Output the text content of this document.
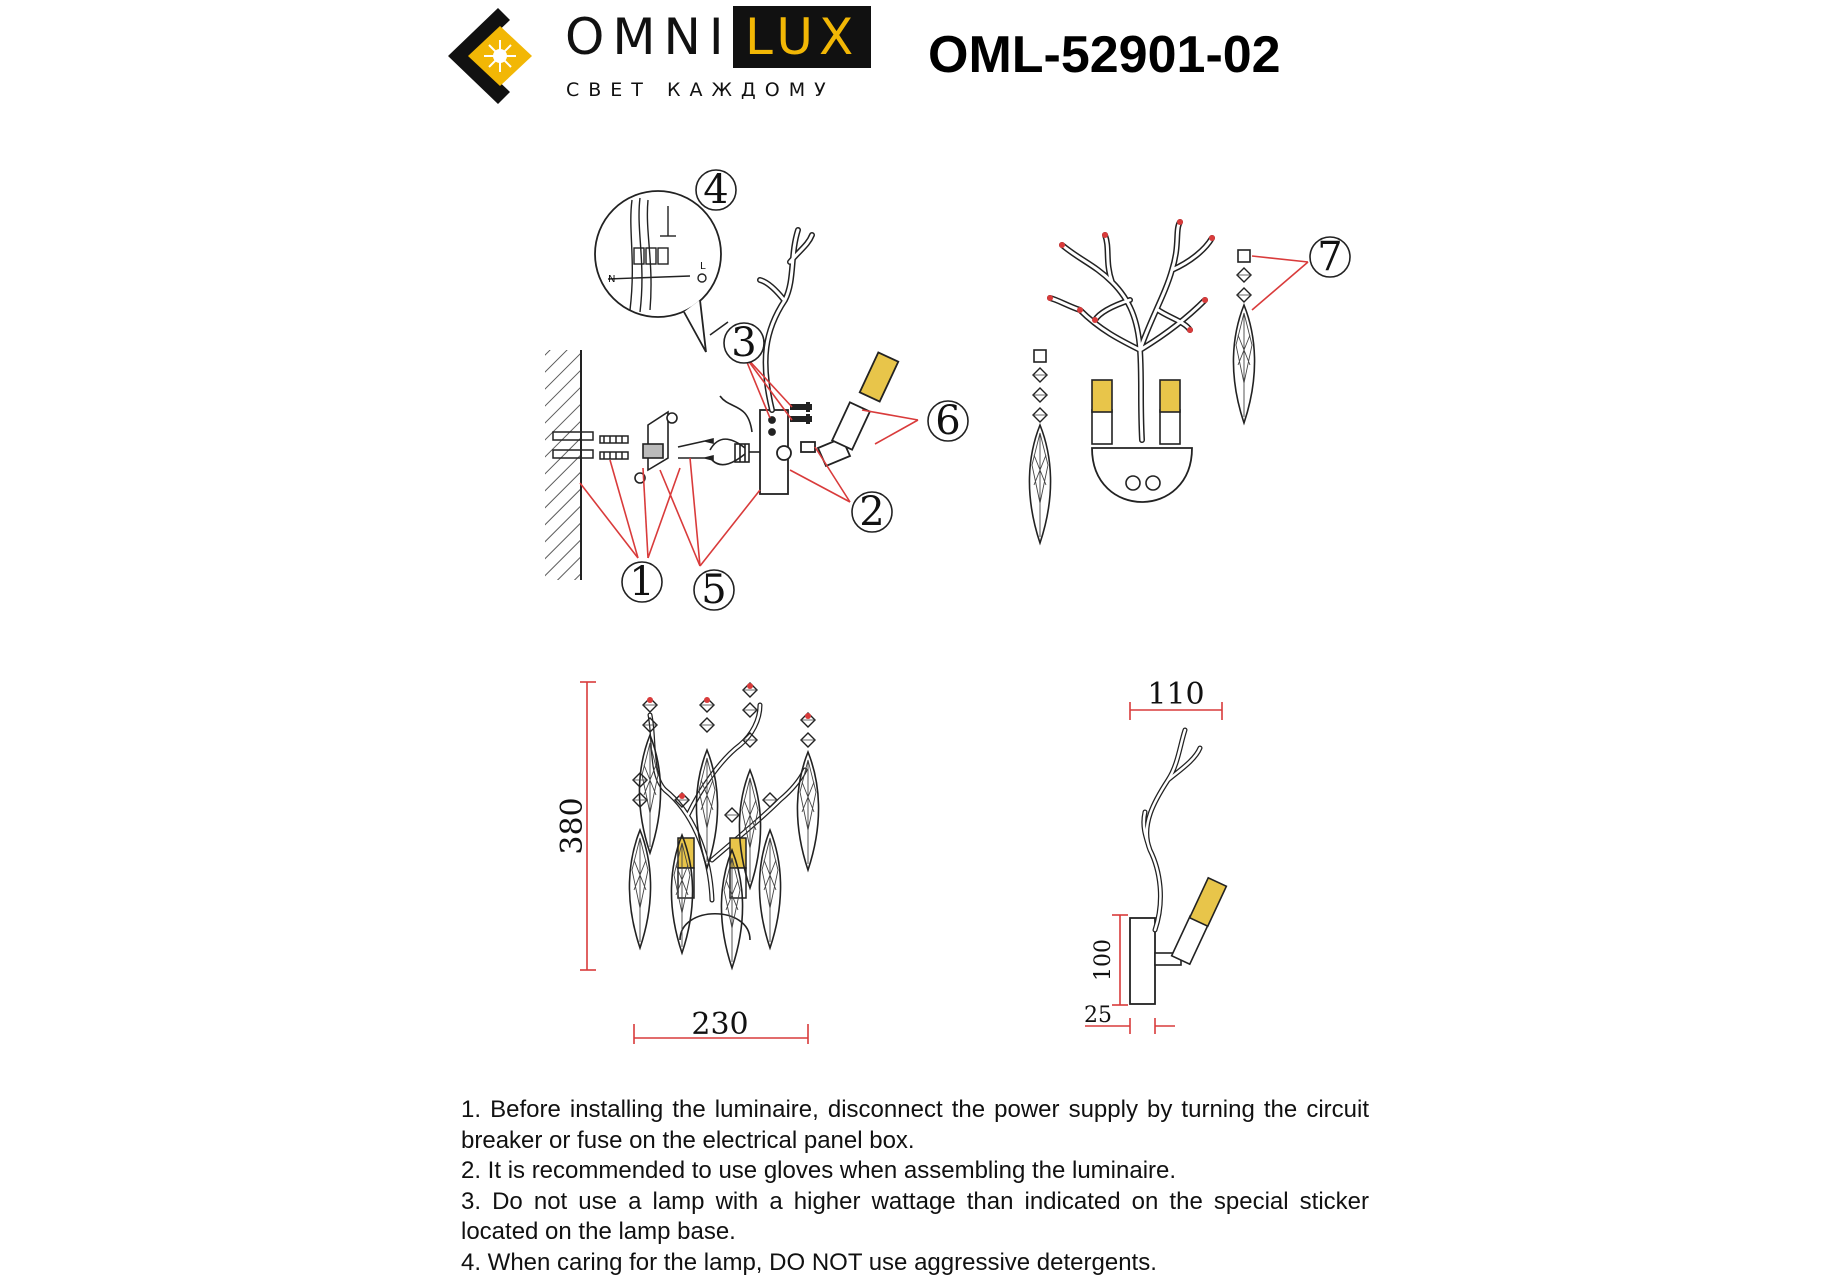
OMNI LUX
СВЕТ КАЖДОМУ
OML-52901-02
N
L
4
3
6
2
1 5
7
380
230
110
100
25

1. Before installing the luminaire, disconnect the power supply by turning the circuit breaker or fuse on the electrical panel box.

2. It is recommended to use gloves when assembling the luminaire.

3. Do not use a lamp with a higher wattage than indicated on the special sticker located on the lamp base.

4. When caring for the lamp, DO NOT use aggressive detergents.
